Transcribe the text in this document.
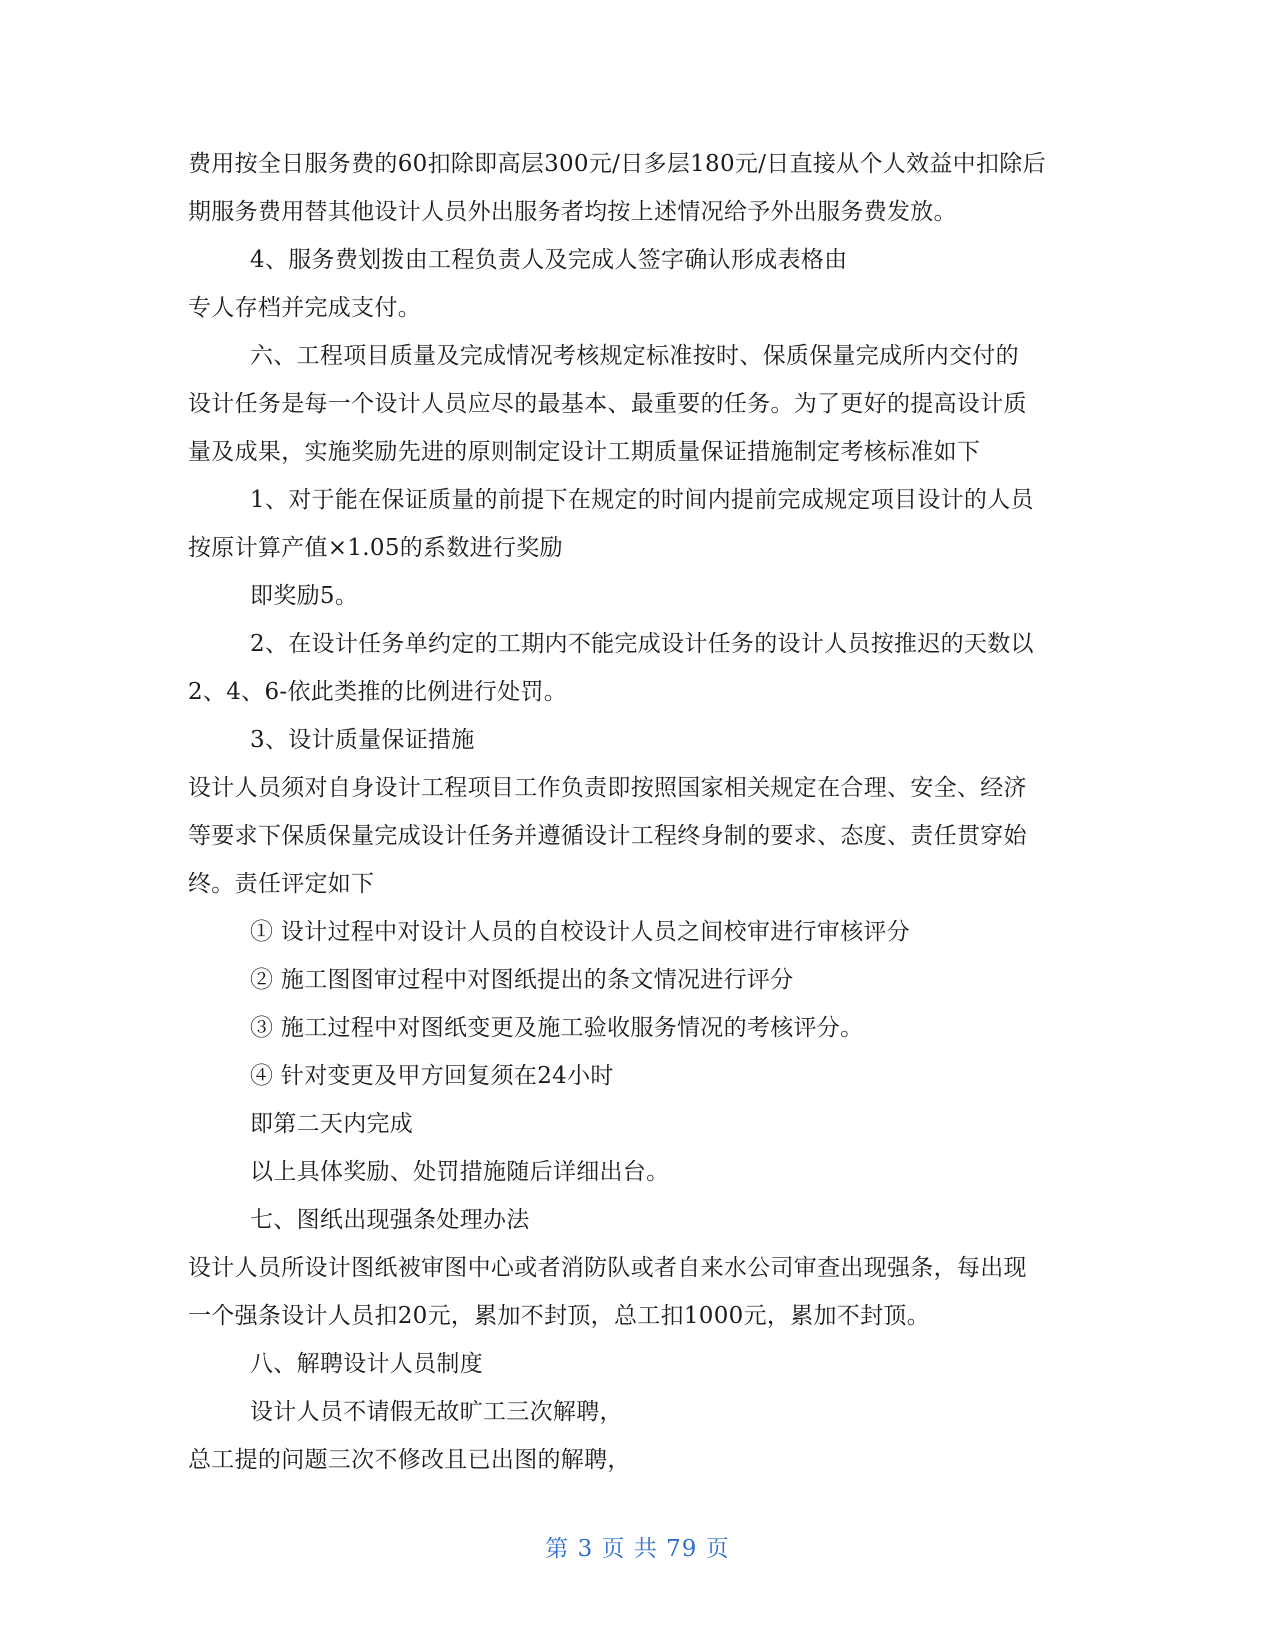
费用按全日服务费的60扣除即高层300元/日多层180元/日直接从个人效益中扣除后
期服务费用替其他设计人员外出服务者均按上述情况给予外出服务费发放。
4、服务费划拨由工程负责人及完成人签字确认形成表格由
专人存档并完成支付。
六、工程项目质量及完成情况考核规定标准按时、保质保量完成所内交付的
设计任务是每一个设计人员应尽的最基本、最重要的任务。为了更好的提高设计质
量及成果，实施奖励先进的原则制定设计工期质量保证措施制定考核标准如下
1、对于能在保证质量的前提下在规定的时间内提前完成规定项目设计的人员
按原计算产值×1.05的系数进行奖励
即奖励5。
2、在设计任务单约定的工期内不能完成设计任务的设计人员按推迟的天数以
2、4、6-依此类推的比例进行处罚。
3、设计质量保证措施
设计人员须对自身设计工程项目工作负责即按照国家相关规定在合理、安全、经济
等要求下保质保量完成设计任务并遵循设计工程终身制的要求、态度、责任贯穿始
终。责任评定如下
① 设计过程中对设计人员的自校设计人员之间校审进行审核评分
② 施工图图审过程中对图纸提出的条文情况进行评分
③ 施工过程中对图纸变更及施工验收服务情况的考核评分。
④ 针对变更及甲方回复须在24小时
即第二天内完成
以上具体奖励、处罚措施随后详细出台。
七、图纸出现强条处理办法
设计人员所设计图纸被审图中心或者消防队或者自来水公司审查出现强条，每出现
一个强条设计人员扣20元，累加不封顶，总工扣1000元，累加不封顶。
八、解聘设计人员制度
设计人员不请假无故旷工三次解聘，
总工提的问题三次不修改且已出图的解聘，
第 3 页 共 79 页
